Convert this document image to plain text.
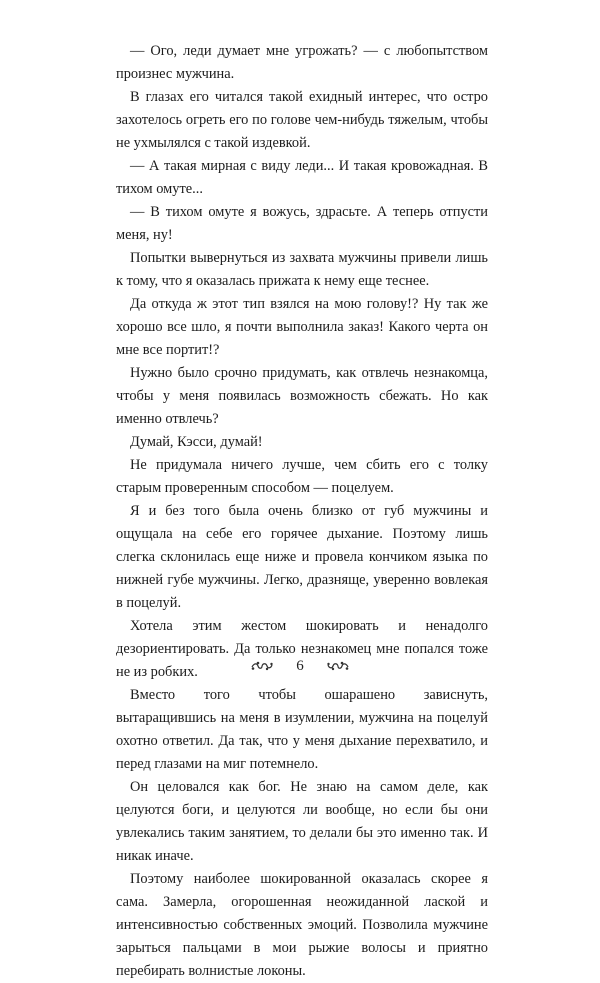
— Ого, леди думает мне угрожать? — с любопытством произнес мужчина.

В глазах его читался такой ехидный интерес, что остро захотелось огреть его по голове чем-нибудь тяжелым, чтобы не ухмылялся с такой издевкой.

— А такая мирная с виду леди... И такая кровожадная. В тихом омуте...

— В тихом омуте я вожусь, здрасьте. А теперь отпусти меня, ну!

Попытки вывернуться из захвата мужчины привели лишь к тому, что я оказалась прижата к нему еще теснее.

Да откуда ж этот тип взялся на мою голову!? Ну так же хорошо все шло, я почти выполнила заказ! Какого черта он мне все портит!?

Нужно было срочно придумать, как отвлечь незнакомца, чтобы у меня появилась возможность сбежать. Но как именно отвлечь?

Думай, Кэсси, думай!

Не придумала ничего лучше, чем сбить его с толку старым проверенным способом — поцелуем.

Я и без того была очень близко от губ мужчины и ощущала на себе его горячее дыхание. Поэтому лишь слегка склонилась еще ниже и провела кончиком языка по нижней губе мужчины. Легко, дразняще, уверенно вовлекая в поцелуй.

Хотела этим жестом шокировать и ненадолго дезориентировать. Да только незнакомец мне попался тоже не из робких.

Вместо того чтобы ошарашено зависнуть, вытаращившись на меня в изумлении, мужчина на поцелуй охотно ответил. Да так, что у меня дыхание перехватило, и перед глазами на миг потемнело.

Он целовался как бог. Не знаю на самом деле, как целуются боги, и целуются ли вообще, но если бы они увлекались таким занятием, то делали бы это именно так. И никак иначе.

Поэтому наиболее шокированной оказалась скорее я сама. Замерла, огорошенная неожиданной лаской и интенсивностью собственных эмоций. Позволила мужчине зарыться пальцами в мои рыжие волосы и приятно перебирать волнистые локоны.

6
